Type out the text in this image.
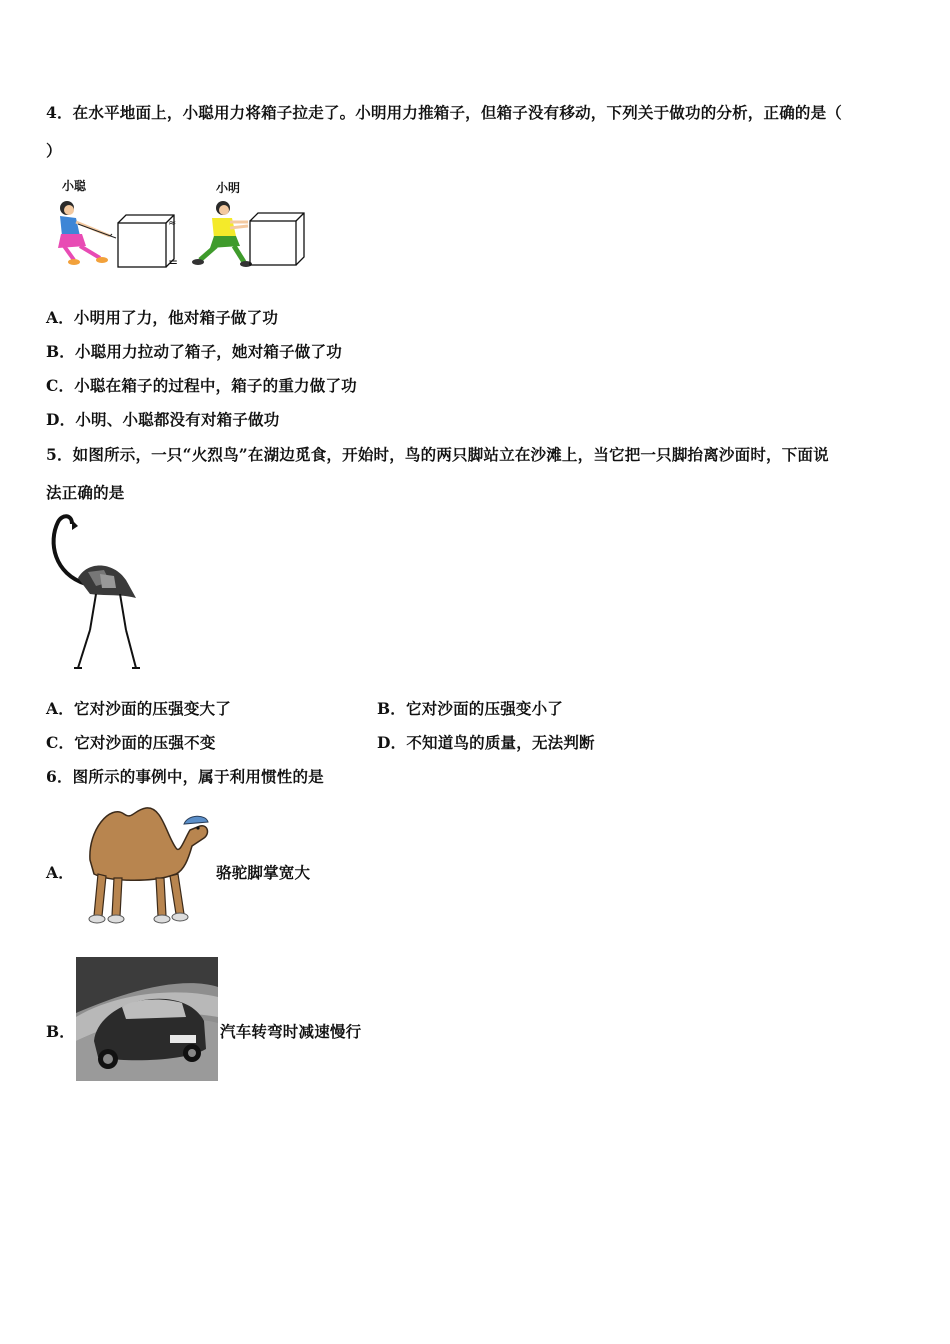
4．在水平地面上，小聪用力将箱子拉走了。小明用力推箱子，但箱子没有移动，下列关于做功的分析，正确的是（
）
小聪	小明
≈
=
A．小明用了力，他对箱子做了功
B．小聪用力拉动了箱子，她对箱子做了功
C．小聪在箱子的过程中，箱子的重力做了功
D．小明、小聪都没有对箱子做功
5．如图所示，一只“火烈鸟”在湖边觅食，开始时，鸟的两只脚站立在沙滩上，当它把一只脚抬离沙面时，下面说
法正确的是
A．它对沙面的压强变大了	B．它对沙面的压强变小了
C．它对沙面的压强不变	D．不知道鸟的质量，无法判断
6．图所示的事例中，属于利用惯性的是
A．	骆驼脚掌宽大
B．	汽车转弯时减速慢行
